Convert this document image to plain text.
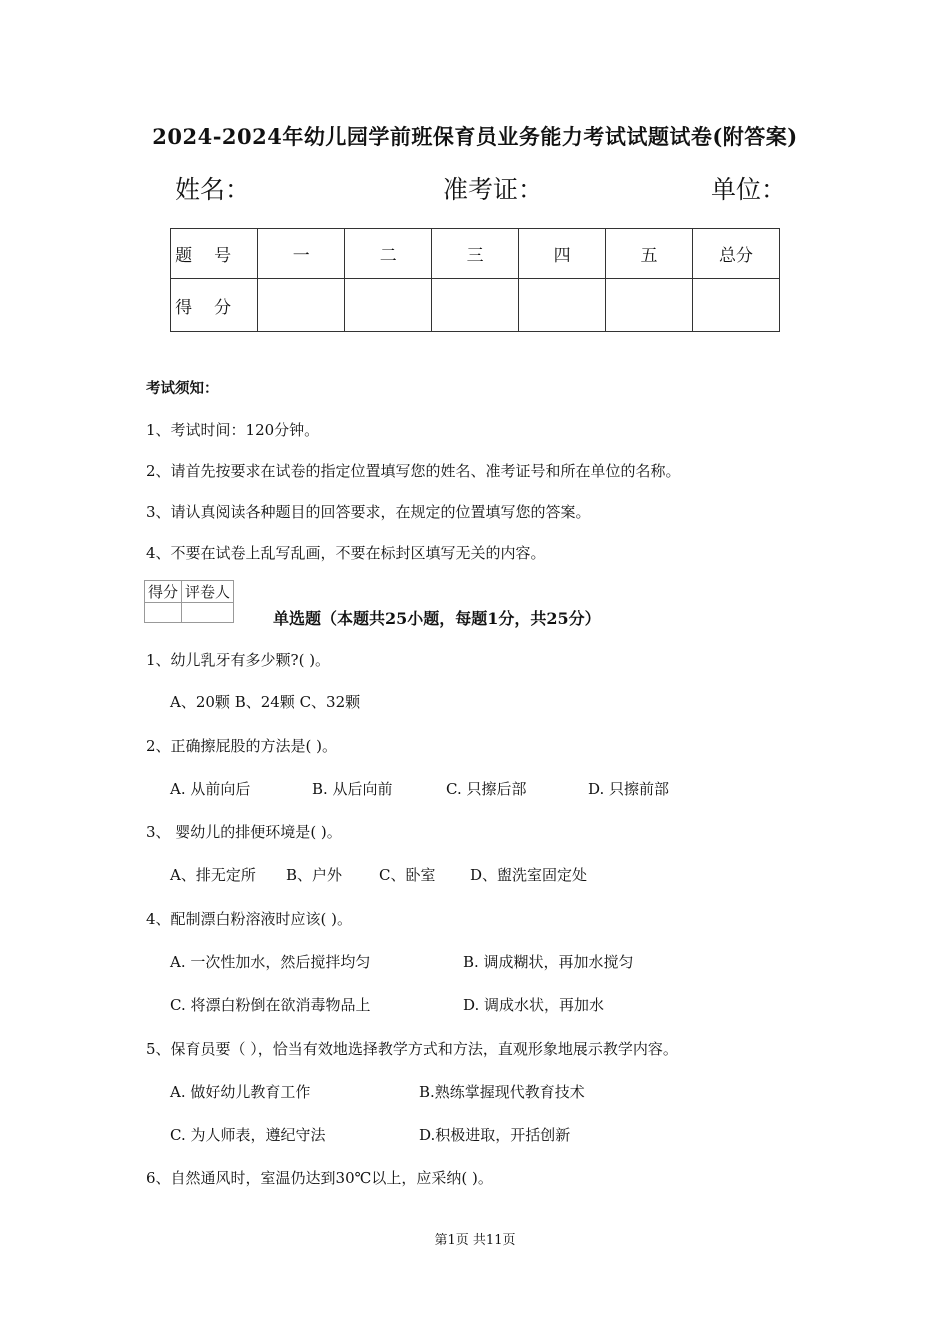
2024-2024年幼儿园学前班保育员业务能力考试试题试卷(附答案)
姓名：	准考证：	单位：
题号	一	二	三	四	五	总分
得分						
考试须知：
1、考试时间：120分钟。
2、请首先按要求在试卷的指定位置填写您的姓名、准考证号和所在单位的名称。
3、请认真阅读各种题目的回答要求，在规定的位置填写您的答案。
4、不要在试卷上乱写乱画，不要在标封区填写无关的内容。
得分	评卷人

单选题（本题共25小题，每题1分，共25分）
1、幼儿乳牙有多少颗?( )。
A、20颗 B、24颗 C、32颗
2、正确擦屁股的方法是( )。
A. 从前向后	B. 从后向前	C. 只擦后部	D. 只擦前部
3、 婴幼儿的排便环境是( )。
A、排无定所 B、户外 C、卧室 D、盥洗室固定处
4、配制漂白粉溶液时应该( )。
A. 一次性加水，然后搅拌均匀	B. 调成糊状，再加水搅匀
C. 将漂白粉倒在欲消毒物品上	D. 调成水状，再加水
5、保育员要（ ），恰当有效地选择教学方式和方法，直观形象地展示教学内容。
A. 做好幼儿教育工作	B.熟练掌握现代教育技术
C. 为人师表，遵纪守法	D.积极进取，开括创新
6、自然通风时，室温仍达到30℃以上，应采纳( )。
第1页 共11页
